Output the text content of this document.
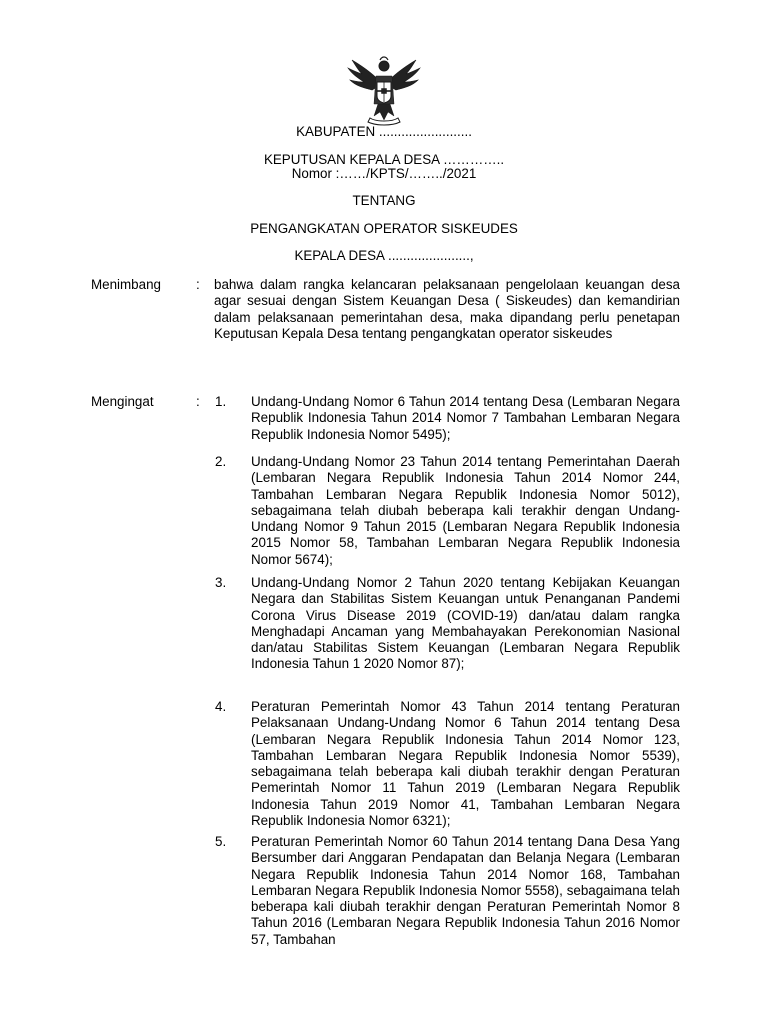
KABUPATEN .........................
KEPUTUSAN KEPALA DESA …………..
Nomor :……/KPTS/……../2021
TENTANG
PENGANGKATAN OPERATOR SISKEUDES
KEPALA DESA ......................,
Menimbang	: bahwa dalam rangka kelancaran pelaksanaan pengelolaan keuangan desa agar sesuai dengan Sistem Keuangan Desa ( Siskeudes) dan kemandirian dalam pelaksanaan pemerintahan desa, maka dipandang perlu penetapan Keputusan Kepala Desa tentang pengangkatan operator siskeudes
Mengingat	: 1. Undang-Undang Nomor 6 Tahun 2014 tentang Desa (Lembaran Negara Republik Indonesia Tahun 2014 Nomor 7 Tambahan Lembaran Negara Republik Indonesia Nomor 5495);
2. Undang-Undang Nomor 23 Tahun 2014 tentang Pemerintahan Daerah (Lembaran Negara Republik Indonesia Tahun 2014 Nomor 244, Tambahan Lembaran Negara Republik Indonesia Nomor 5012), sebagaimana telah diubah beberapa kali terakhir dengan Undang-Undang Nomor 9 Tahun 2015 (Lembaran Negara Republik Indonesia 2015 Nomor 58, Tambahan Lembaran Negara Republik Indonesia Nomor 5674);
3. Undang-Undang Nomor 2 Tahun 2020 tentang Kebijakan Keuangan Negara dan Stabilitas Sistem Keuangan untuk Penanganan Pandemi Corona Virus Disease 2019 (COVID-19) dan/atau dalam rangka Menghadapi Ancaman yang Membahayakan Perekonomian Nasional dan/atau Stabilitas Sistem Keuangan (Lembaran Negara Republik Indonesia Tahun 1 2020 Nomor 87);
4. Peraturan Pemerintah Nomor 43 Tahun 2014 tentang Peraturan Pelaksanaan Undang-Undang Nomor 6 Tahun 2014 tentang Desa (Lembaran Negara Republik Indonesia Tahun 2014 Nomor 123, Tambahan Lembaran Negara Republik Indonesia Nomor 5539), sebagaimana telah beberapa kali diubah terakhir dengan Peraturan Pemerintah Nomor 11 Tahun 2019 (Lembaran Negara Republik Indonesia Tahun 2019 Nomor 41, Tambahan Lembaran Negara Republik Indonesia Nomor 6321);
5. Peraturan Pemerintah Nomor 60 Tahun 2014 tentang Dana Desa Yang Bersumber dari Anggaran Pendapatan dan Belanja Negara (Lembaran Negara Republik Indonesia Tahun 2014 Nomor 168, Tambahan Lembaran Negara Republik Indonesia Nomor 5558), sebagaimana telah beberapa kali diubah terakhir dengan Peraturan Pemerintah Nomor 8 Tahun 2016 (Lembaran Negara Republik Indonesia Tahun 2016 Nomor 57, Tambahan
